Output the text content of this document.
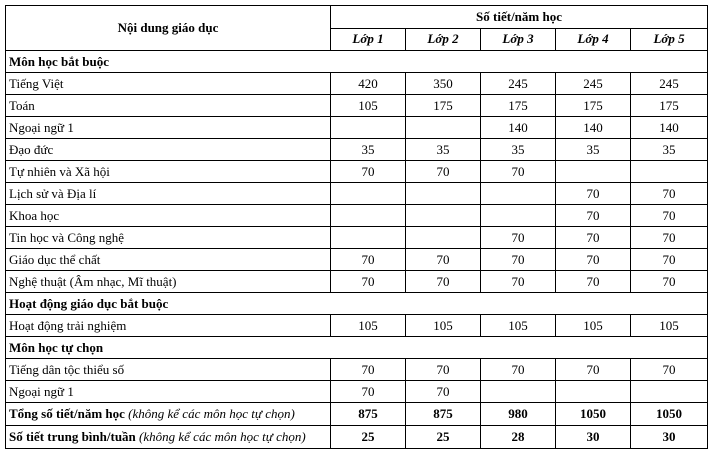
Nội dung giáo dục	Số tiết/năm học				
	Lớp 1	Lớp 2	Lớp 3	Lớp 4	Lớp 5
Môn học bắt buộc					
Tiếng Việt	420	350	245	245	245
Toán	105	175	175	175	175
Ngoại ngữ 1			140	140	140
Đạo đức	35	35	35	35	35
Tự nhiên và Xã hội	70	70	70		
Lịch sử và Địa lí				70	70
Khoa học				70	70
Tin học và Công nghệ			70	70	70
Giáo dục thể chất	70	70	70	70	70
Nghệ thuật (Âm nhạc, Mĩ thuật)	70	70	70	70	70
Hoạt động giáo dục bắt buộc					
Hoạt động trải nghiệm	105	105	105	105	105
Môn học tự chọn					
Tiếng dân tộc thiểu số	70	70	70	70	70
Ngoại ngữ 1	70	70			
Tổng số tiết/năm học (không kể các môn học tự chọn)	875	875	980	1050	1050
Số tiết trung bình/tuần (không kể các môn học tự chọn)	25	25	28	30	30
